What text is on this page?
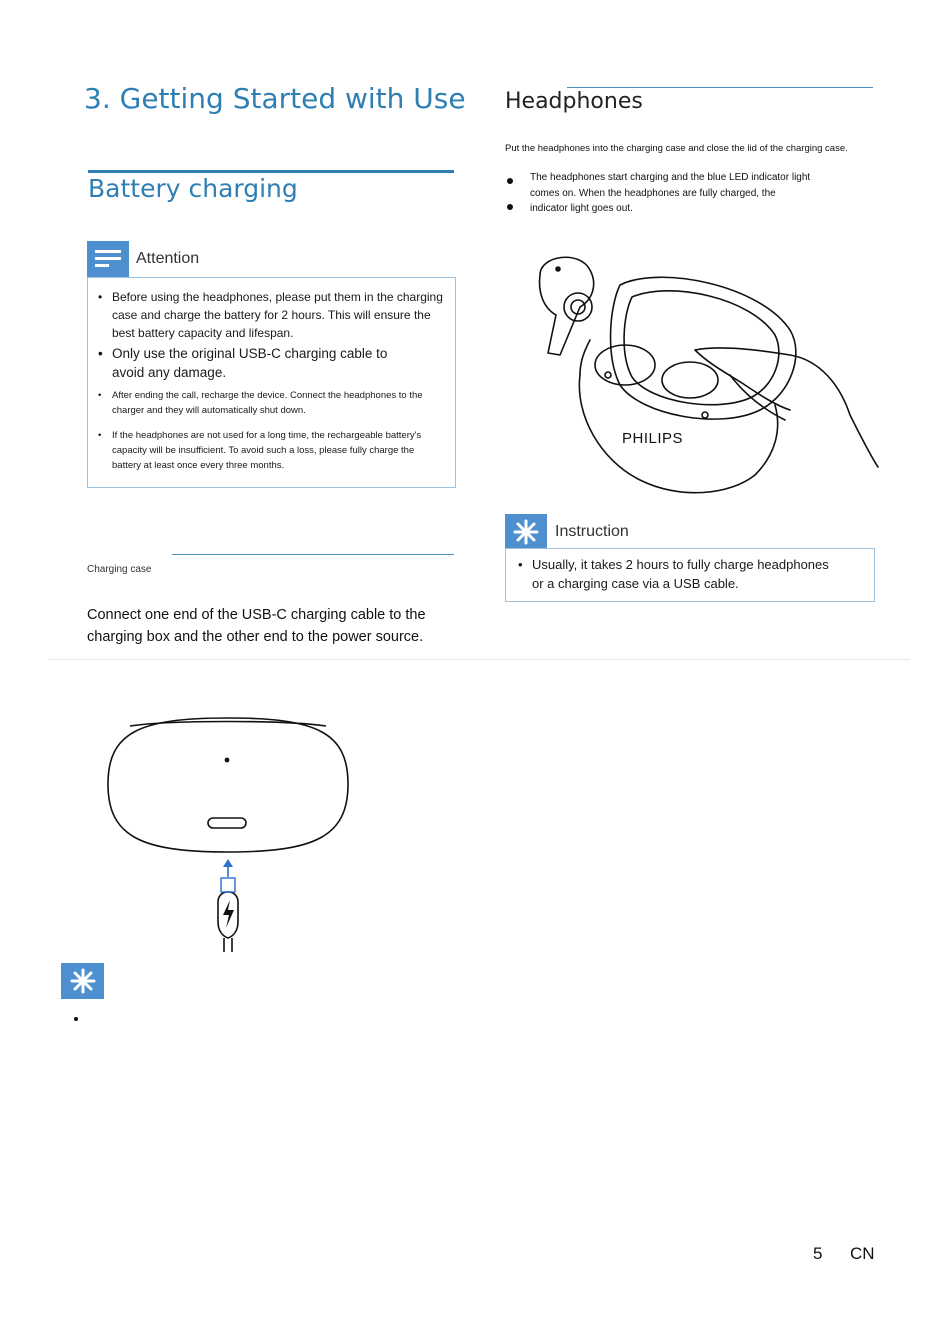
3. Getting Started with Use
Battery charging
Attention
• Before using the headphones, please put them in the charging case and charge the battery for 2 hours. This will ensure the best battery capacity and lifespan.
• Only use the original USB-C charging cable to avoid any damage.
• After ending the call, recharge the device. Connect the headphones to the charger and they will automatically shut down.
• If the headphones are not used for a long time, the rechargeable battery's capacity will be insufficient. To avoid such a loss, please fully charge the battery at least once every three months.
Charging case
Connect one end of the USB-C charging cable to the charging box and the other end to the power source.
Headphones
Put the headphones into the charging case and close the lid of the charging case.
The headphones start charging and the blue LED indicator light comes on. When the headphones are fully charged, the
indicator light goes out.
PHILIPS
Instruction
• Usually, it takes 2 hours to fully charge headphones or a charging case via a USB cable.
5 CN
